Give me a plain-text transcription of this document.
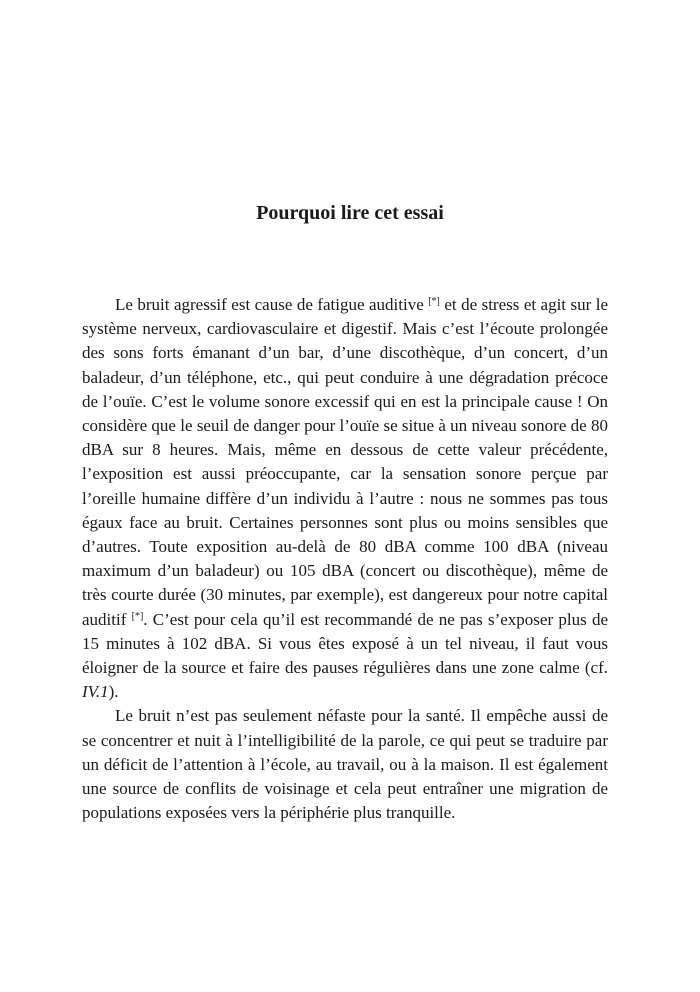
Pourquoi lire cet essai

Le bruit agressif est cause de fatigue auditive [*] et de stress et agit sur le système nerveux, cardiovasculaire et digestif. Mais c’est l’écoute prolongée des sons forts émanant d’un bar, d’une discothèque, d’un concert, d’un baladeur, d’un téléphone, etc., qui peut conduire à une dégradation précoce de l’ouïe. C’est le volume sonore excessif qui en est la principale cause ! On considère que le seuil de danger pour l’ouïe se situe à un niveau sonore de 80 dBA sur 8 heures. Mais, même en dessous de cette valeur précédente, l’exposition est aussi préoccupante, car la sensation sonore perçue par l’oreille humaine diffère d’un individu à l’autre : nous ne sommes pas tous égaux face au bruit. Certaines personnes sont plus ou moins sensibles que d’autres. Toute exposition au-delà de 80 dBA comme 100 dBA (niveau maximum d’un baladeur) ou 105 dBA (concert ou discothèque), même de très courte durée (30 minutes, par exemple), est dangereux pour notre capital auditif [*]. C’est pour cela qu’il est recommandé de ne pas s’exposer plus de 15 minutes à 102 dBA. Si vous êtes exposé à un tel niveau, il faut vous éloigner de la source et faire des pauses régulières dans une zone calme (cf. IV.1).

Le bruit n’est pas seulement néfaste pour la santé. Il empêche aussi de se concentrer et nuit à l’intelligibilité de la parole, ce qui peut se traduire par un déficit de l’attention à l’école, au travail, ou à la maison. Il est également une source de conflits de voisinage et cela peut entraîner une migration de populations exposées vers la périphérie plus tranquille.
